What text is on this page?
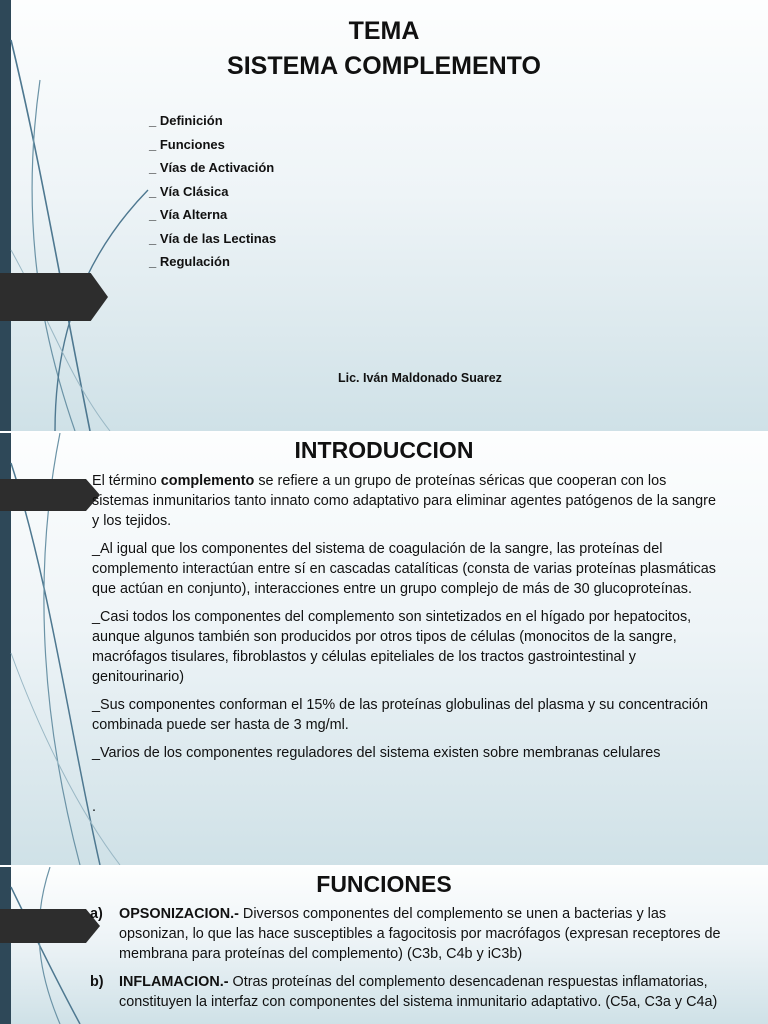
TEMA
SISTEMA COMPLEMENTO
_ Definición
_ Funciones
_ Vías de Activación
_ Vía Clásica
_ Vía Alterna
_ Vía de las Lectinas
_ Regulación
Lic. Iván Maldonado Suarez
INTRODUCCION

El término complemento se refiere a un grupo de proteínas séricas que cooperan con los sistemas inmunitarios tanto innato como adaptativo para eliminar agentes patógenos de la sangre y los tejidos.

_Al igual que los componentes del sistema de coagulación de la sangre, las proteínas del complemento interactúan entre sí en cascadas catalíticas (consta de varias proteínas plasmáticas que actúan en conjunto), interacciones entre un grupo complejo de más de 30 glucoproteínas.

_Casi todos los componentes del complemento son sintetizados en el hígado por hepatocitos, aunque algunos también son producidos por otros tipos de células (monocitos de la sangre, macrófagos tisulares, fibroblastos y células epiteliales de los tractos gastrointestinal y genitourinario)

_Sus componentes conforman el 15% de las proteínas globulinas del plasma y su concentración combinada puede ser hasta de 3 mg/ml.

_Varios de los componentes reguladores del sistema existen sobre membranas celulares

.

FUNCIONES
a)	OPSONIZACION.- Diversos componentes del complemento se unen a bacterias y las opsonizan, lo que las hace susceptibles a fagocitosis por macrófagos (expresan receptores de membrana para proteínas del complemento) (C3b, C4b y iC3b)
b)	INFLAMACION.- Otras proteínas del complemento desencadenan respuestas inflamatorias, constituyen la interfaz con componentes del sistema inmunitario adaptativo. (C5a, C3a y C4a)
